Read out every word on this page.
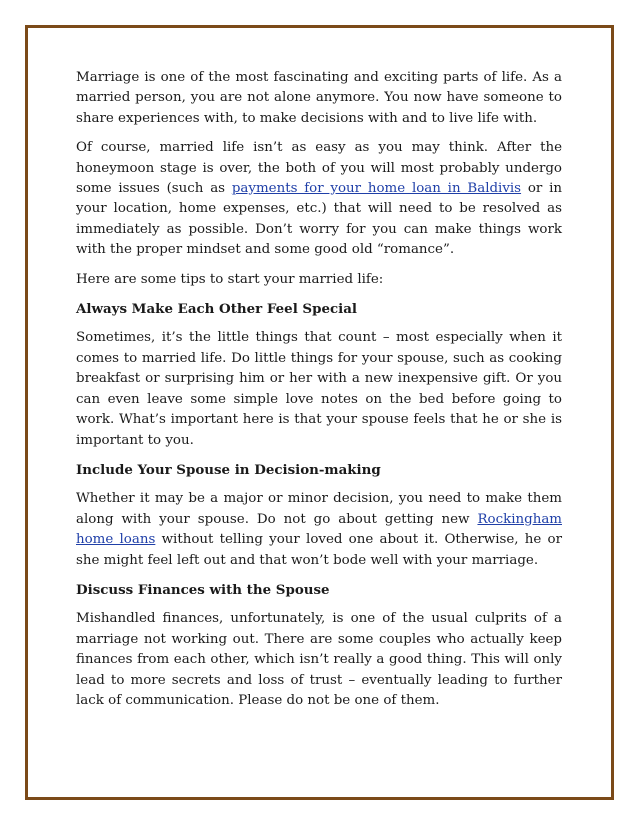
Marriage is one of the most fascinating and exciting parts of life. As a married person, you are not alone anymore. You now have someone to share experiences with, to make decisions with and to live life with.

Of course, married life isn’t as easy as you may think. After the honeymoon stage is over, the both of you will most probably undergo some issues (such as payments for your home loan in Baldivis or in your location, home expenses, etc.) that will need to be resolved as immediately as possible. Don’t worry for you can make things work with the proper mindset and some good old “romance”.

Here are some tips to start your married life:

Always Make Each Other Feel Special

Sometimes, it’s the little things that count – most especially when it comes to married life. Do little things for your spouse, such as cooking breakfast or surprising him or her with a new inexpensive gift. Or you can even leave some simple love notes on the bed before going to work. What’s important here is that your spouse feels that he or she is important to you.

Include Your Spouse in Decision-making

Whether it may be a major or minor decision, you need to make them along with your spouse. Do not go about getting new Rockingham home loans without telling your loved one about it. Otherwise, he or she might feel left out and that won’t bode well with your marriage.

Discuss Finances with the Spouse

Mishandled finances, unfortunately, is one of the usual culprits of a marriage not working out. There are some couples who actually keep finances from each other, which isn’t really a good thing. This will only lead to more secrets and loss of trust – eventually leading to further lack of communication. Please do not be one of them.
